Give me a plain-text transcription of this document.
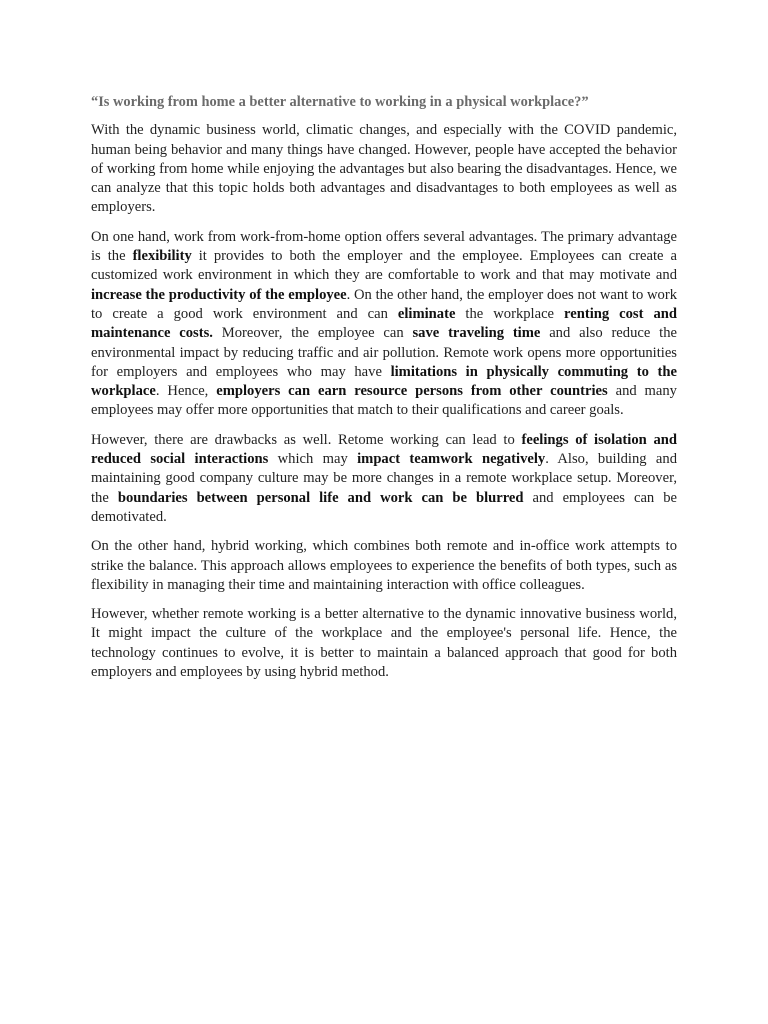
“Is working from home a better alternative to working in a physical workplace?”

With the dynamic business world, climatic changes, and especially with the COVID pandemic, human being behavior and many things have changed. However, people have accepted the behavior of working from home while enjoying the advantages but also bearing the disadvantages. Hence, we can analyze that this topic holds both advantages and disadvantages to both employees as well as employers.

On one hand, work from work-from-home option offers several advantages. The primary advantage is the flexibility it provides to both the employer and the employee. Employees can create a customized work environment in which they are comfortable to work and that may motivate and increase the productivity of the employee. On the other hand, the employer does not want to work to create a good work environment and can eliminate the workplace renting cost and maintenance costs. Moreover, the employee can save traveling time and also reduce the environmental impact by reducing traffic and air pollution. Remote work opens more opportunities for employers and employees who may have limitations in physically commuting to the workplace. Hence, employers can earn resource persons from other countries and many employees may offer more opportunities that match to their qualifications and career goals.

However, there are drawbacks as well. Retome working can lead to feelings of isolation and reduced social interactions which may impact teamwork negatively. Also, building and maintaining good company culture may be more changes in a remote workplace setup. Moreover, the boundaries between personal life and work can be blurred and employees can be demotivated.

On the other hand, hybrid working, which combines both remote and in-office work attempts to strike the balance. This approach allows employees to experience the benefits of both types, such as flexibility in managing their time and maintaining interaction with office colleagues.

However, whether remote working is a better alternative to the dynamic innovative business world, It might impact the culture of the workplace and the employee's personal life. Hence, the technology continues to evolve, it is better to maintain a balanced approach that good for both employers and employees by using hybrid method.
